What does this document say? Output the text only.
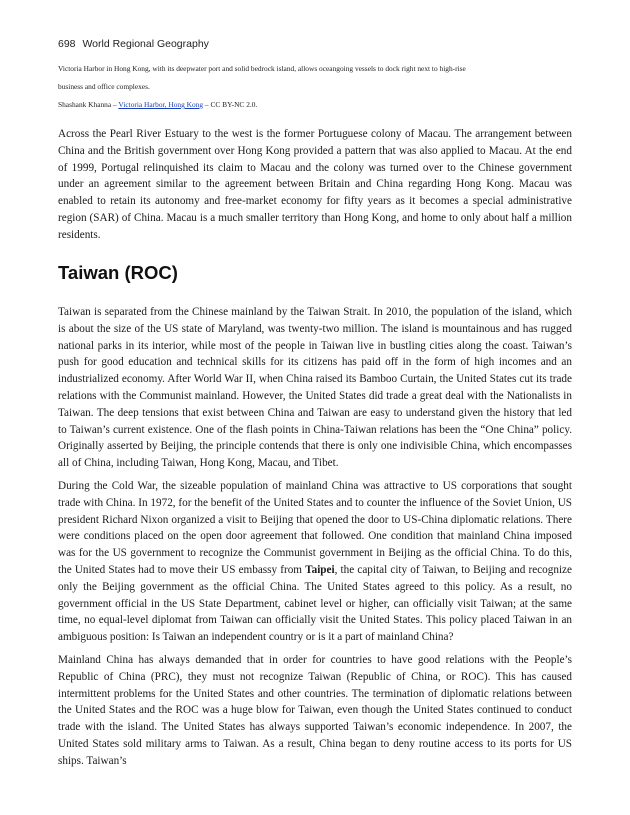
698 World Regional Geography
Victoria Harbor in Hong Kong, with its deepwater port and solid bedrock island, allows oceangoing vessels to dock right next to high-rise business and office complexes.
Shashank Khanna – Victoria Harbor, Hong Kong – CC BY-NC 2.0.

Across the Pearl River Estuary to the west is the former Portuguese colony of Macau. The arrangement between China and the British government over Hong Kong provided a pattern that was also applied to Macau. At the end of 1999, Portugal relinquished its claim to Macau and the colony was turned over to the Chinese government under an agreement similar to the agreement between Britain and China regarding Hong Kong. Macau was enabled to retain its autonomy and free-market economy for fifty years as it becomes a special administrative region (SAR) of China. Macau is a much smaller territory than Hong Kong, and home to only about half a million residents.

Taiwan (ROC)

Taiwan is separated from the Chinese mainland by the Taiwan Strait. In 2010, the population of the island, which is about the size of the US state of Maryland, was twenty-two million. The island is mountainous and has rugged national parks in its interior, while most of the people in Taiwan live in bustling cities along the coast. Taiwan’s push for good education and technical skills for its citizens has paid off in the form of high incomes and an industrialized economy. After World War II, when China raised its Bamboo Curtain, the United States cut its trade relations with the Communist mainland. However, the United States did trade a great deal with the Nationalists in Taiwan. The deep tensions that exist between China and Taiwan are easy to understand given the history that led to Taiwan’s current existence. One of the flash points in China-Taiwan relations has been the “One China” policy. Originally asserted by Beijing, the principle contends that there is only one indivisible China, which encompasses all of China, including Taiwan, Hong Kong, Macau, and Tibet.

During the Cold War, the sizeable population of mainland China was attractive to US corporations that sought trade with China. In 1972, for the benefit of the United States and to counter the influence of the Soviet Union, US president Richard Nixon organized a visit to Beijing that opened the door to US-China diplomatic relations. There were conditions placed on the open door agreement that followed. One condition that mainland China imposed was for the US government to recognize the Communist government in Beijing as the official China. To do this, the United States had to move their US embassy from Taipei, the capital city of Taiwan, to Beijing and recognize only the Beijing government as the official China. The United States agreed to this policy. As a result, no government official in the US State Department, cabinet level or higher, can officially visit Taiwan; at the same time, no equal-level diplomat from Taiwan can officially visit the United States. This policy placed Taiwan in an ambiguous position: Is Taiwan an independent country or is it a part of mainland China?

Mainland China has always demanded that in order for countries to have good relations with the People’s Republic of China (PRC), they must not recognize Taiwan (Republic of China, or ROC). This has caused intermittent problems for the United States and other countries. The termination of diplomatic relations between the United States and the ROC was a huge blow for Taiwan, even though the United States continued to conduct trade with the island. The United States has always supported Taiwan’s economic independence. In 2007, the United States sold military arms to Taiwan. As a result, China began to deny routine access to its ports for US ships. Taiwan’s
